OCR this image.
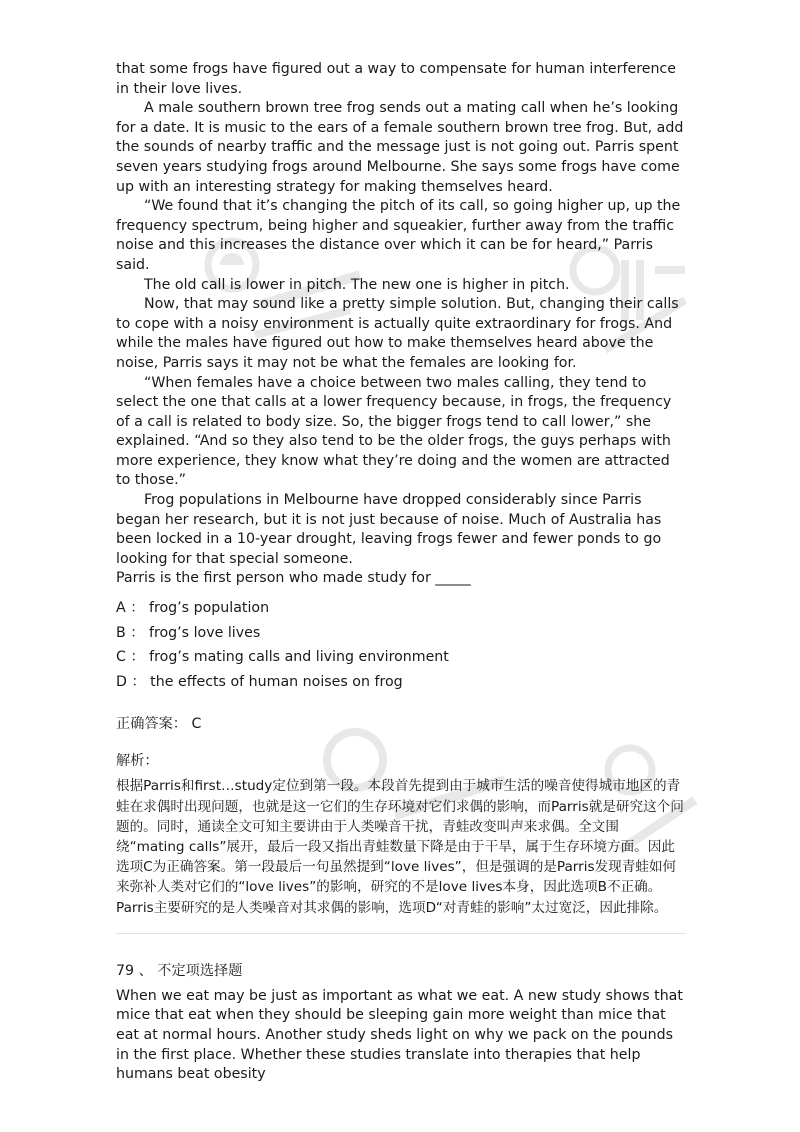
that some frogs have figured out a way to compensate for human interference in their love lives.

A male southern brown tree frog sends out a mating call when he’s looking for a date. It is music to the ears of a female southern brown tree frog. But, add the sounds of nearby traffic and the message just is not going out. Parris spent seven years studying frogs around Melbourne. She says some frogs have come up with an interesting strategy for making themselves heard.

“We found that it’s changing the pitch of its call, so going higher up, up the frequency spectrum, being higher and squeakier, further away from the traffic noise and this increases the distance over which it can be for heard,” Parris said.

The old call is lower in pitch. The new one is higher in pitch.

Now, that may sound like a pretty simple solution. But, changing their calls to cope with a noisy environment is actually quite extraordinary for frogs. And while the males have figured out how to make themselves heard above the noise, Parris says it may not be what the females are looking for.

“When females have a choice between two males calling, they tend to select the one that calls at a lower frequency because, in frogs, the frequency of a call is related to body size. So, the bigger frogs tend to call lower,” she explained. “And so they also tend to be the older frogs, the guys perhaps with more experience, they know what they’re doing and the women are attracted to those.”

Frog populations in Melbourne have dropped considerably since Parris began her research, but it is not just because of noise. Much of Australia has been locked in a 10-year drought, leaving frogs fewer and fewer ponds to go looking for that special someone.

Parris is the first person who made study for _____

A ： frog’s population
B ： frog’s love lives
C ： frog’s mating calls and living environment
D ： the effects of human noises on frog
正确答案： C
解析：

根据Parris和first…study定位到第一段。本段首先提到由于城市生活的噪音使得城市地区的青蛙在求偶时出现问题，也就是这一它们的生存环境对它们求偶的影响，而Parris就是研究这个问题的。同时，通读全文可知主要讲由于人类噪音干扰，青蛙改变叫声来求偶。全文围绕“mating calls”展开，最后一段又指出青蛙数量下降是由于干旱，属于生存环境方面。因此选项C为正确答案。第一段最后一句虽然提到“love lives”，但是强调的是Parris发现青蛙如何来弥补人类对它们的“love lives”的影响，研究的不是love lives本身，因此选项B不正确。Parris主要研究的是人类噪音对其求偶的影响，选项D“对青蛙的影响”太过宽泛，因此排除。

79 、 不定项选择题

When we eat may be just as important as what we eat. A new study shows that mice that eat when they should be sleeping gain more weight than mice that eat at normal hours. Another study sheds light on why we pack on the pounds in the first place. Whether these studies translate into therapies that help humans beat obesity
